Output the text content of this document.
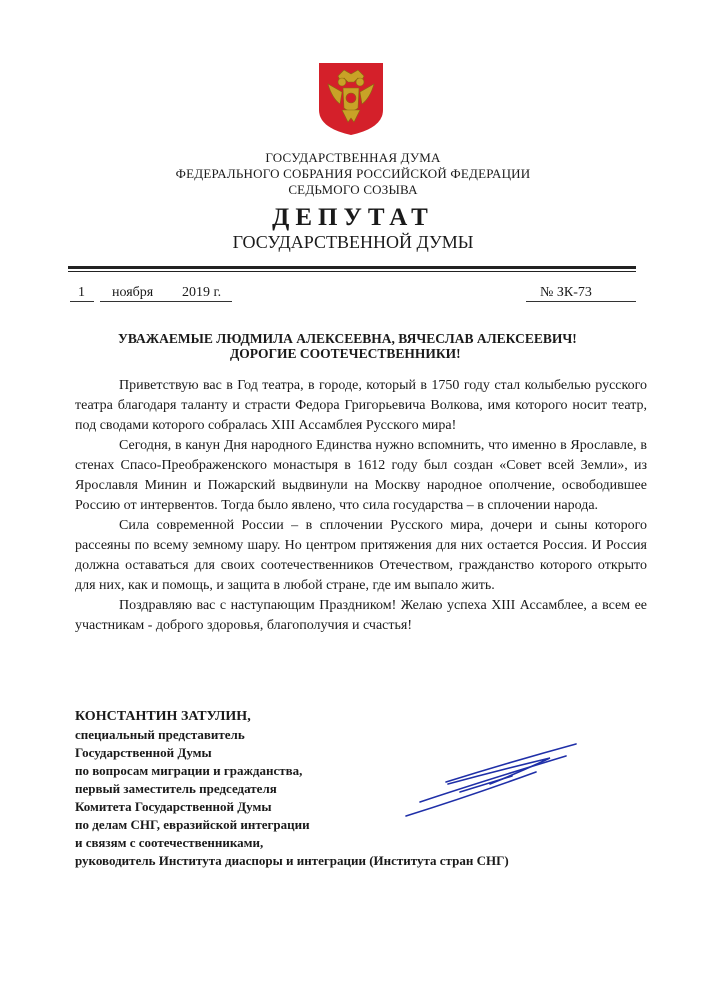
ГОСУДАРСТВЕННАЯ ДУМА
ФЕДЕРАЛЬНОГО СОБРАНИЯ РОССИЙСКОЙ ФЕДЕРАЦИИ
СЕДЬМОГО СОЗЫВА
ДЕПУТАТ
ГОСУДАРСТВЕННОЙ ДУМЫ
1 ноября 2019 г.	№ ЗК-73
УВАЖАЕМЫЕ ЛЮДМИЛА АЛЕКСЕЕВНА, ВЯЧЕСЛАВ АЛЕКСЕЕВИЧ!
ДОРОГИЕ СООТЕЧЕСТВЕННИКИ!

Приветствую вас в Год театра, в городе, который в 1750 году стал колыбелью русского театра благодаря таланту и страсти Федора Григорьевича Волкова, имя которого носит театр, под сводами которого собралась XIII Ассамблея Русского мира!

Сегодня, в канун Дня народного Единства нужно вспомнить, что именно в Ярославле, в стенах Спасо-Преображенского монастыря в 1612 году был создан «Совет всей Земли», из Ярославля Минин и Пожарский выдвинули на Москву народное ополчение, освободившее Россию от интервентов. Тогда было явлено, что сила государства – в сплочении народа.

Сила современной России – в сплочении Русского мира, дочери и сыны которого рассеяны по всему земному шару. Но центром притяжения для них остается Россия. И Россия должна оставаться для своих соотечественников Отечеством, гражданство которого открыто для них, как и помощь, и защита в любой стране, где им выпало жить.

Поздравляю вас с наступающим Праздником! Желаю успеха XIII Ассамблее, а всем ее участникам - доброго здоровья, благополучия и счастья!

КОНСТАНТИН ЗАТУЛИН,
специальный представитель
Государственной Думы
по вопросам миграции и гражданства,
первый заместитель председателя
Комитета Государственной Думы
по делам СНГ, евразийской интеграции
и связям с соотечественниками,
руководитель Института диаспоры и интеграции (Института стран СНГ)
